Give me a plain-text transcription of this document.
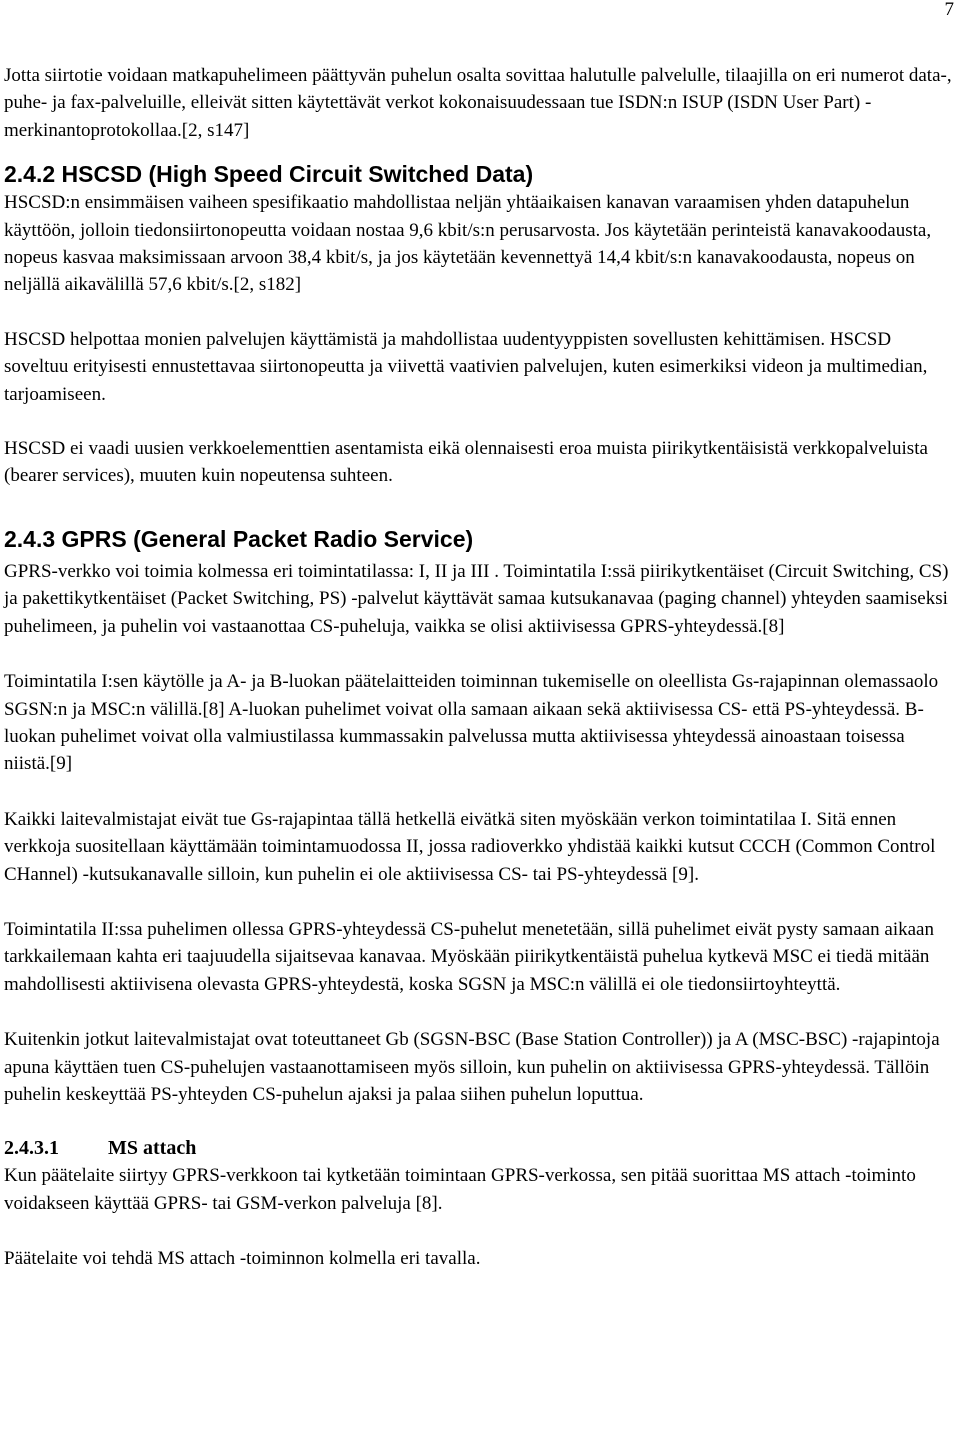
7

Jotta siirtotie voidaan matkapuhelimeen päättyvän puhelun osalta sovittaa halutulle palvelulle, tilaajilla on eri numerot data-, puhe- ja fax-palveluille, elleivät sitten käytettävät verkot kokonaisuudessaan tue ISDN:n ISUP (ISDN User Part) -merkinantoprotokollaa.[2, s147]

2.4.2 HSCSD (High Speed Circuit Switched Data)

HSCSD:n ensimmäisen vaiheen spesifikaatio mahdollistaa neljän yhtäaikaisen kanavan varaamisen yhden datapuhelun käyttöön, jolloin tiedonsiirtonopeutta voidaan nostaa 9,6 kbit/s:n perusarvosta. Jos käytetään perinteistä kanavakoodausta, nopeus kasvaa maksimissaan arvoon 38,4 kbit/s, ja jos käytetään kevennettyä 14,4 kbit/s:n kanavakoodausta, nopeus on neljällä aikavälillä 57,6 kbit/s.[2, s182]

HSCSD helpottaa monien palvelujen käyttämistä ja mahdollistaa uudentyyppisten sovellusten kehittämisen. HSCSD soveltuu erityisesti ennustettavaa siirtonopeutta ja viivettä vaativien palvelujen, kuten esimerkiksi videon ja multimedian, tarjoamiseen.

HSCSD ei vaadi uusien verkkoelementtien asentamista eikä olennaisesti eroa muista piirikytkentäisistä verkkopalveluista (bearer services), muuten kuin nopeutensa suhteen.

2.4.3 GPRS (General Packet Radio Service)

GPRS-verkko voi toimia kolmessa eri toimintatilassa: I, II ja III . Toimintatila I:ssä piirikytkentäiset (Circuit Switching, CS) ja pakettikytkentäiset (Packet Switching, PS) -palvelut käyttävät samaa kutsukanavaa (paging channel) yhteyden saamiseksi puhelimeen, ja puhelin voi vastaanottaa CS-puheluja, vaikka se olisi aktiivisessa GPRS-yhteydessä.[8]

Toimintatila I:sen käytölle ja A- ja B-luokan päätelaitteiden toiminnan tukemiselle on oleellista Gs-rajapinnan olemassaolo SGSN:n ja MSC:n välillä.[8] A-luokan puhelimet voivat olla samaan aikaan sekä aktiivisessa CS- että PS-yhteydessä. B-luokan puhelimet voivat olla valmiustilassa kummassakin palvelussa mutta aktiivisessa yhteydessä ainoastaan toisessa niistä.[9]

Kaikki laitevalmistajat eivät tue Gs-rajapintaa tällä hetkellä eivätkä siten myöskään verkon toimintatilaa I. Sitä ennen verkkoja suositellaan käyttämään toimintamuodossa II, jossa radioverkko yhdistää kaikki kutsut CCCH (Common Control CHannel) -kutsukanavalle silloin, kun puhelin ei ole aktiivisessa CS- tai PS-yhteydessä [9].

Toimintatila II:ssa puhelimen ollessa GPRS-yhteydessä CS-puhelut menetetään, sillä puhelimet eivät pysty samaan aikaan tarkkailemaan kahta eri taajuudella sijaitsevaa kanavaa. Myöskään piirikytkentäistä puhelua kytkevä MSC ei tiedä mitään mahdollisesti aktiivisena olevasta GPRS-yhteydestä, koska SGSN ja MSC:n välillä ei ole tiedonsiirtoyhteyttä.

Kuitenkin jotkut laitevalmistajat ovat toteuttaneet Gb (SGSN-BSC (Base Station Controller)) ja A (MSC-BSC) -rajapintoja apuna käyttäen tuen CS-puhelujen vastaanottamiseen myös silloin, kun puhelin on aktiivisessa GPRS-yhteydessä. Tällöin puhelin keskeyttää PS-yhteyden CS-puhelun ajaksi ja palaa siihen puhelun loputtua.

2.4.3.1 MS attach

Kun päätelaite siirtyy GPRS-verkkoon tai kytketään toimintaan GPRS-verkossa, sen pitää suorittaa MS attach -toiminto voidakseen käyttää GPRS- tai GSM-verkon palveluja [8].

Päätelaite voi tehdä MS attach -toiminnon kolmella eri tavalla.
